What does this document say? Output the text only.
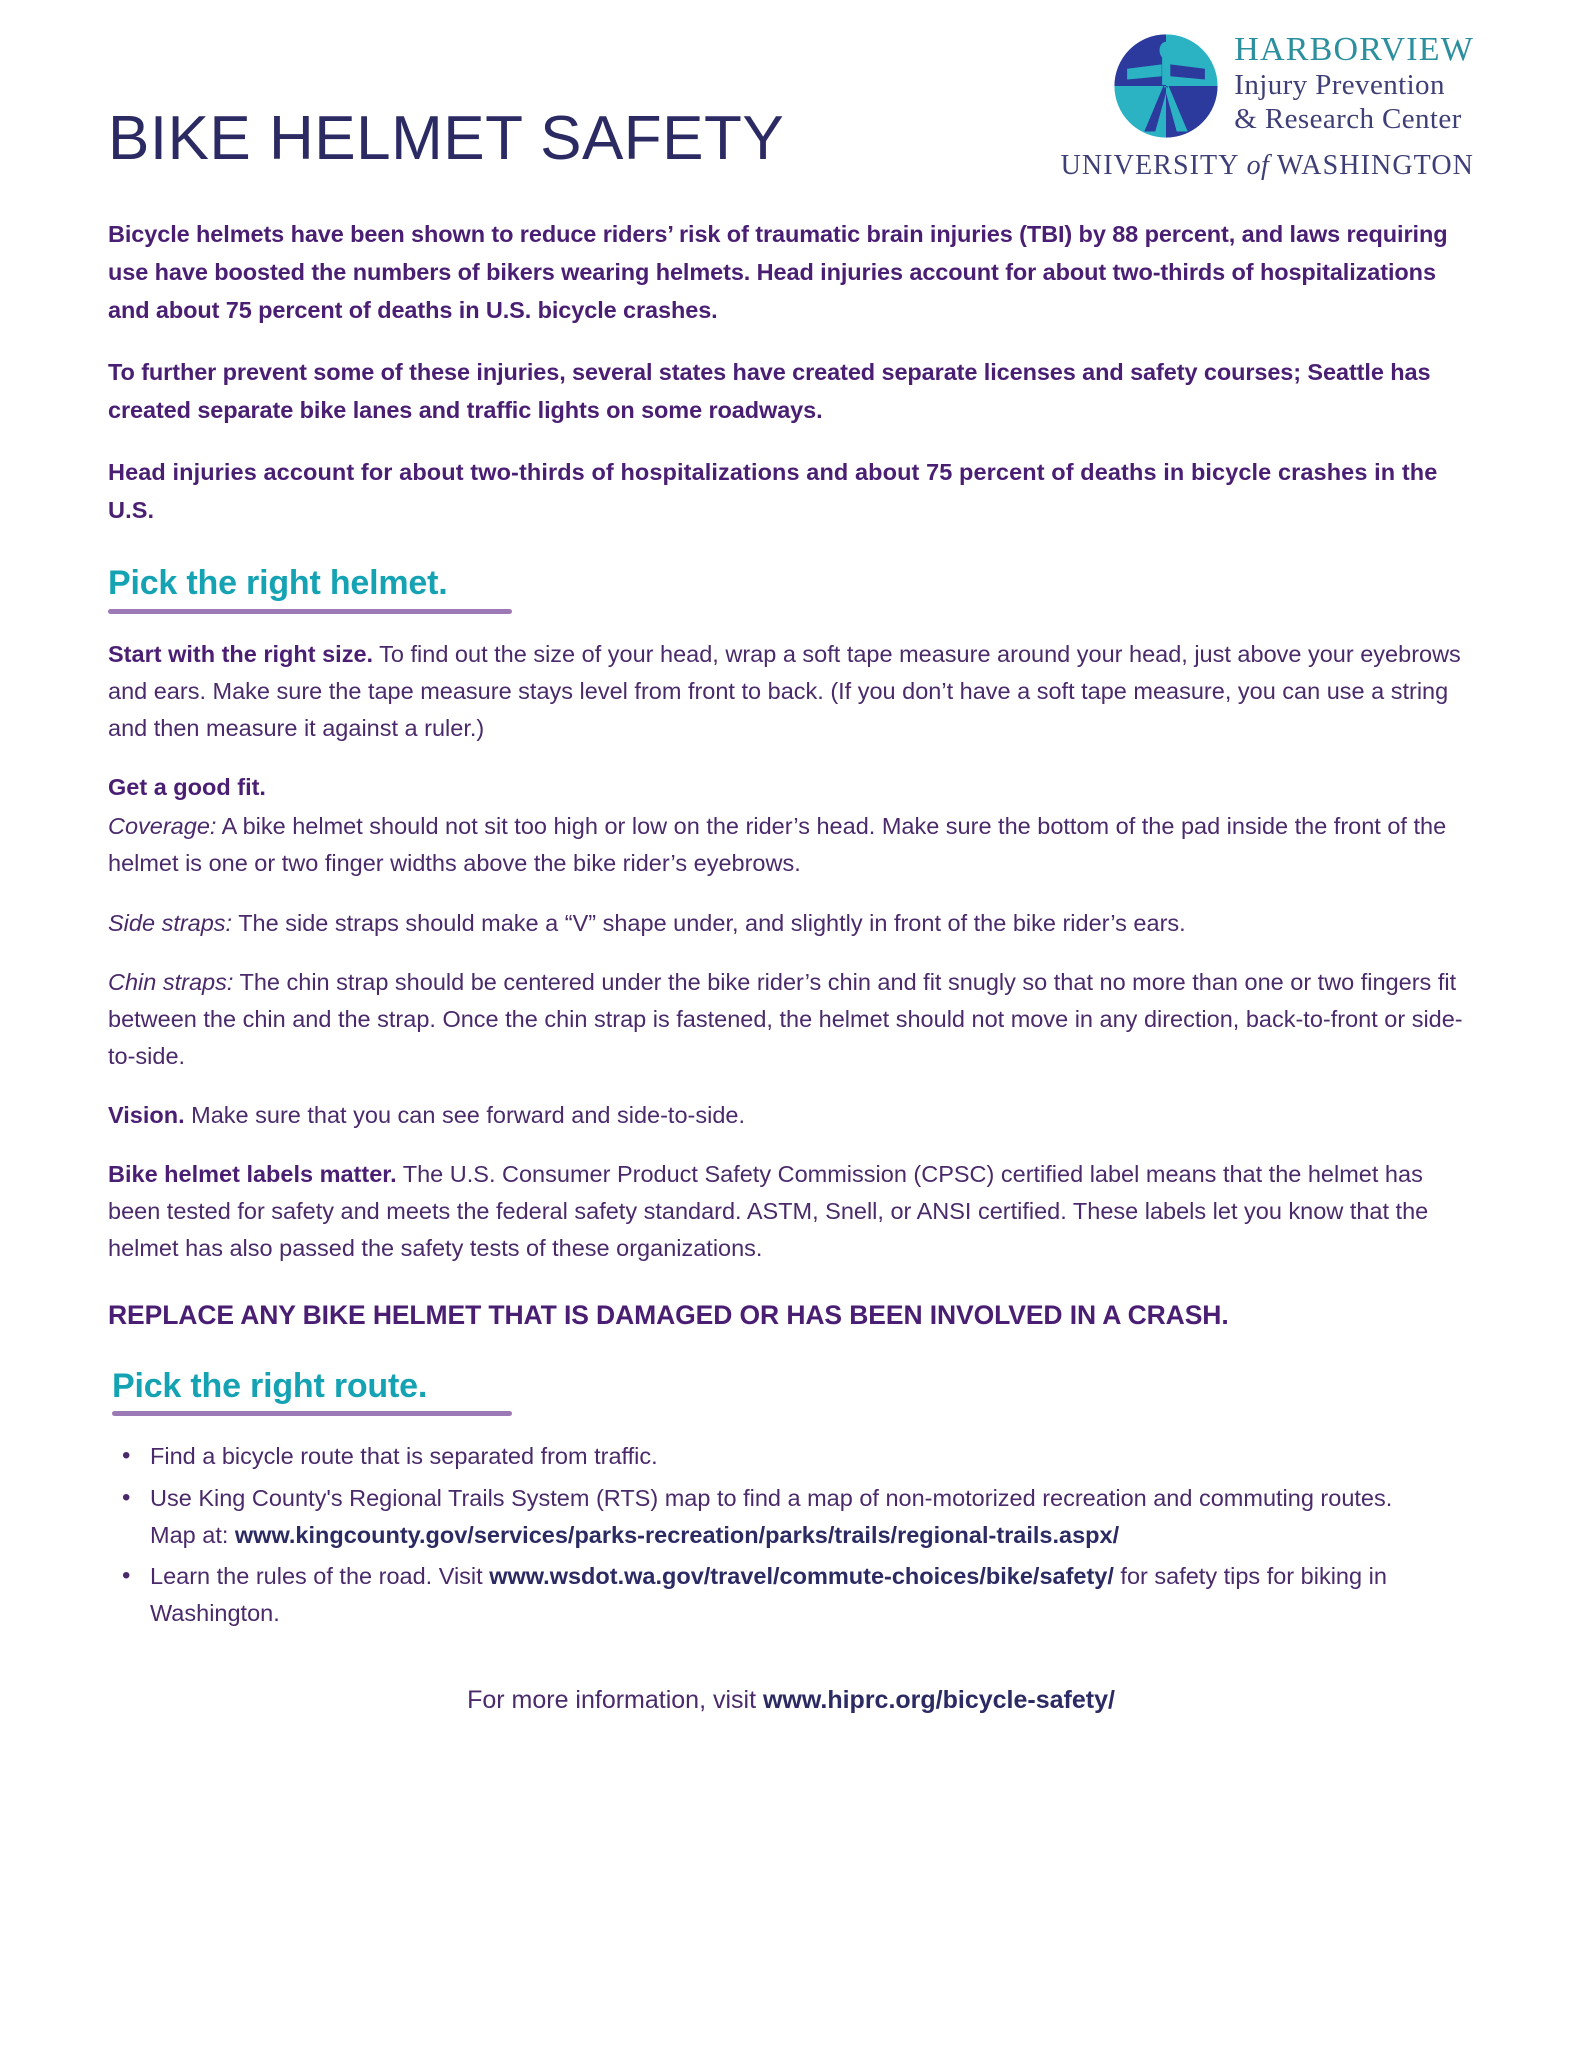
BIKE HELMET SAFETY
HARBORVIEW
Injury Prevention
& Research Center
UNIVERSITY of WASHINGTON

Bicycle helmets have been shown to reduce riders’ risk of traumatic brain injuries (TBI) by 88 percent, and laws requiring use have boosted the numbers of bikers wearing helmets. Head injuries account for about two-thirds of hospitalizations and about 75 percent of deaths in U.S. bicycle crashes.

To further prevent some of these injuries, several states have created separate licenses and safety courses; Seattle has created separate bike lanes and traffic lights on some roadways.

Head injuries account for about two-thirds of hospitalizations and about 75 percent of deaths in bicycle crashes in the U.S.

Pick the right helmet.

Start with the right size. To find out the size of your head, wrap a soft tape measure around your head, just above your eyebrows and ears. Make sure the tape measure stays level from front to back. (If you don’t have a soft tape measure, you can use a string and then measure it against a ruler.)

Get a good fit.

Coverage: A bike helmet should not sit too high or low on the rider’s head. Make sure the bottom of the pad inside the front of the helmet is one or two finger widths above the bike rider’s eyebrows.

Side straps: The side straps should make a “V” shape under, and slightly in front of the bike rider’s ears.

Chin straps: The chin strap should be centered under the bike rider’s chin and fit snugly so that no more than one or two fingers fit between the chin and the strap. Once the chin strap is fastened, the helmet should not move in any direction, back-to-front or side-to-side.

Vision. Make sure that you can see forward and side-to-side.

Bike helmet labels matter. The U.S. Consumer Product Safety Commission (CPSC) certified label means that the helmet has been tested for safety and meets the federal safety standard. ASTM, Snell, or ANSI certified. These labels let you know that the helmet has also passed the safety tests of these organizations.

REPLACE ANY BIKE HELMET THAT IS DAMAGED OR HAS BEEN INVOLVED IN A CRASH.
Pick the right route.
• Find a bicycle route that is separated from traffic.
• Use King County's Regional Trails System (RTS) map to find a map of non-motorized recreation and commuting routes. Map at: www.kingcounty.gov/services/parks-recreation/parks/trails/regional-trails.aspx/
• Learn the rules of the road. Visit www.wsdot.wa.gov/travel/commute-choices/bike/safety/ for safety tips for biking in Washington.
For more information, visit www.hiprc.org/bicycle-safety/
